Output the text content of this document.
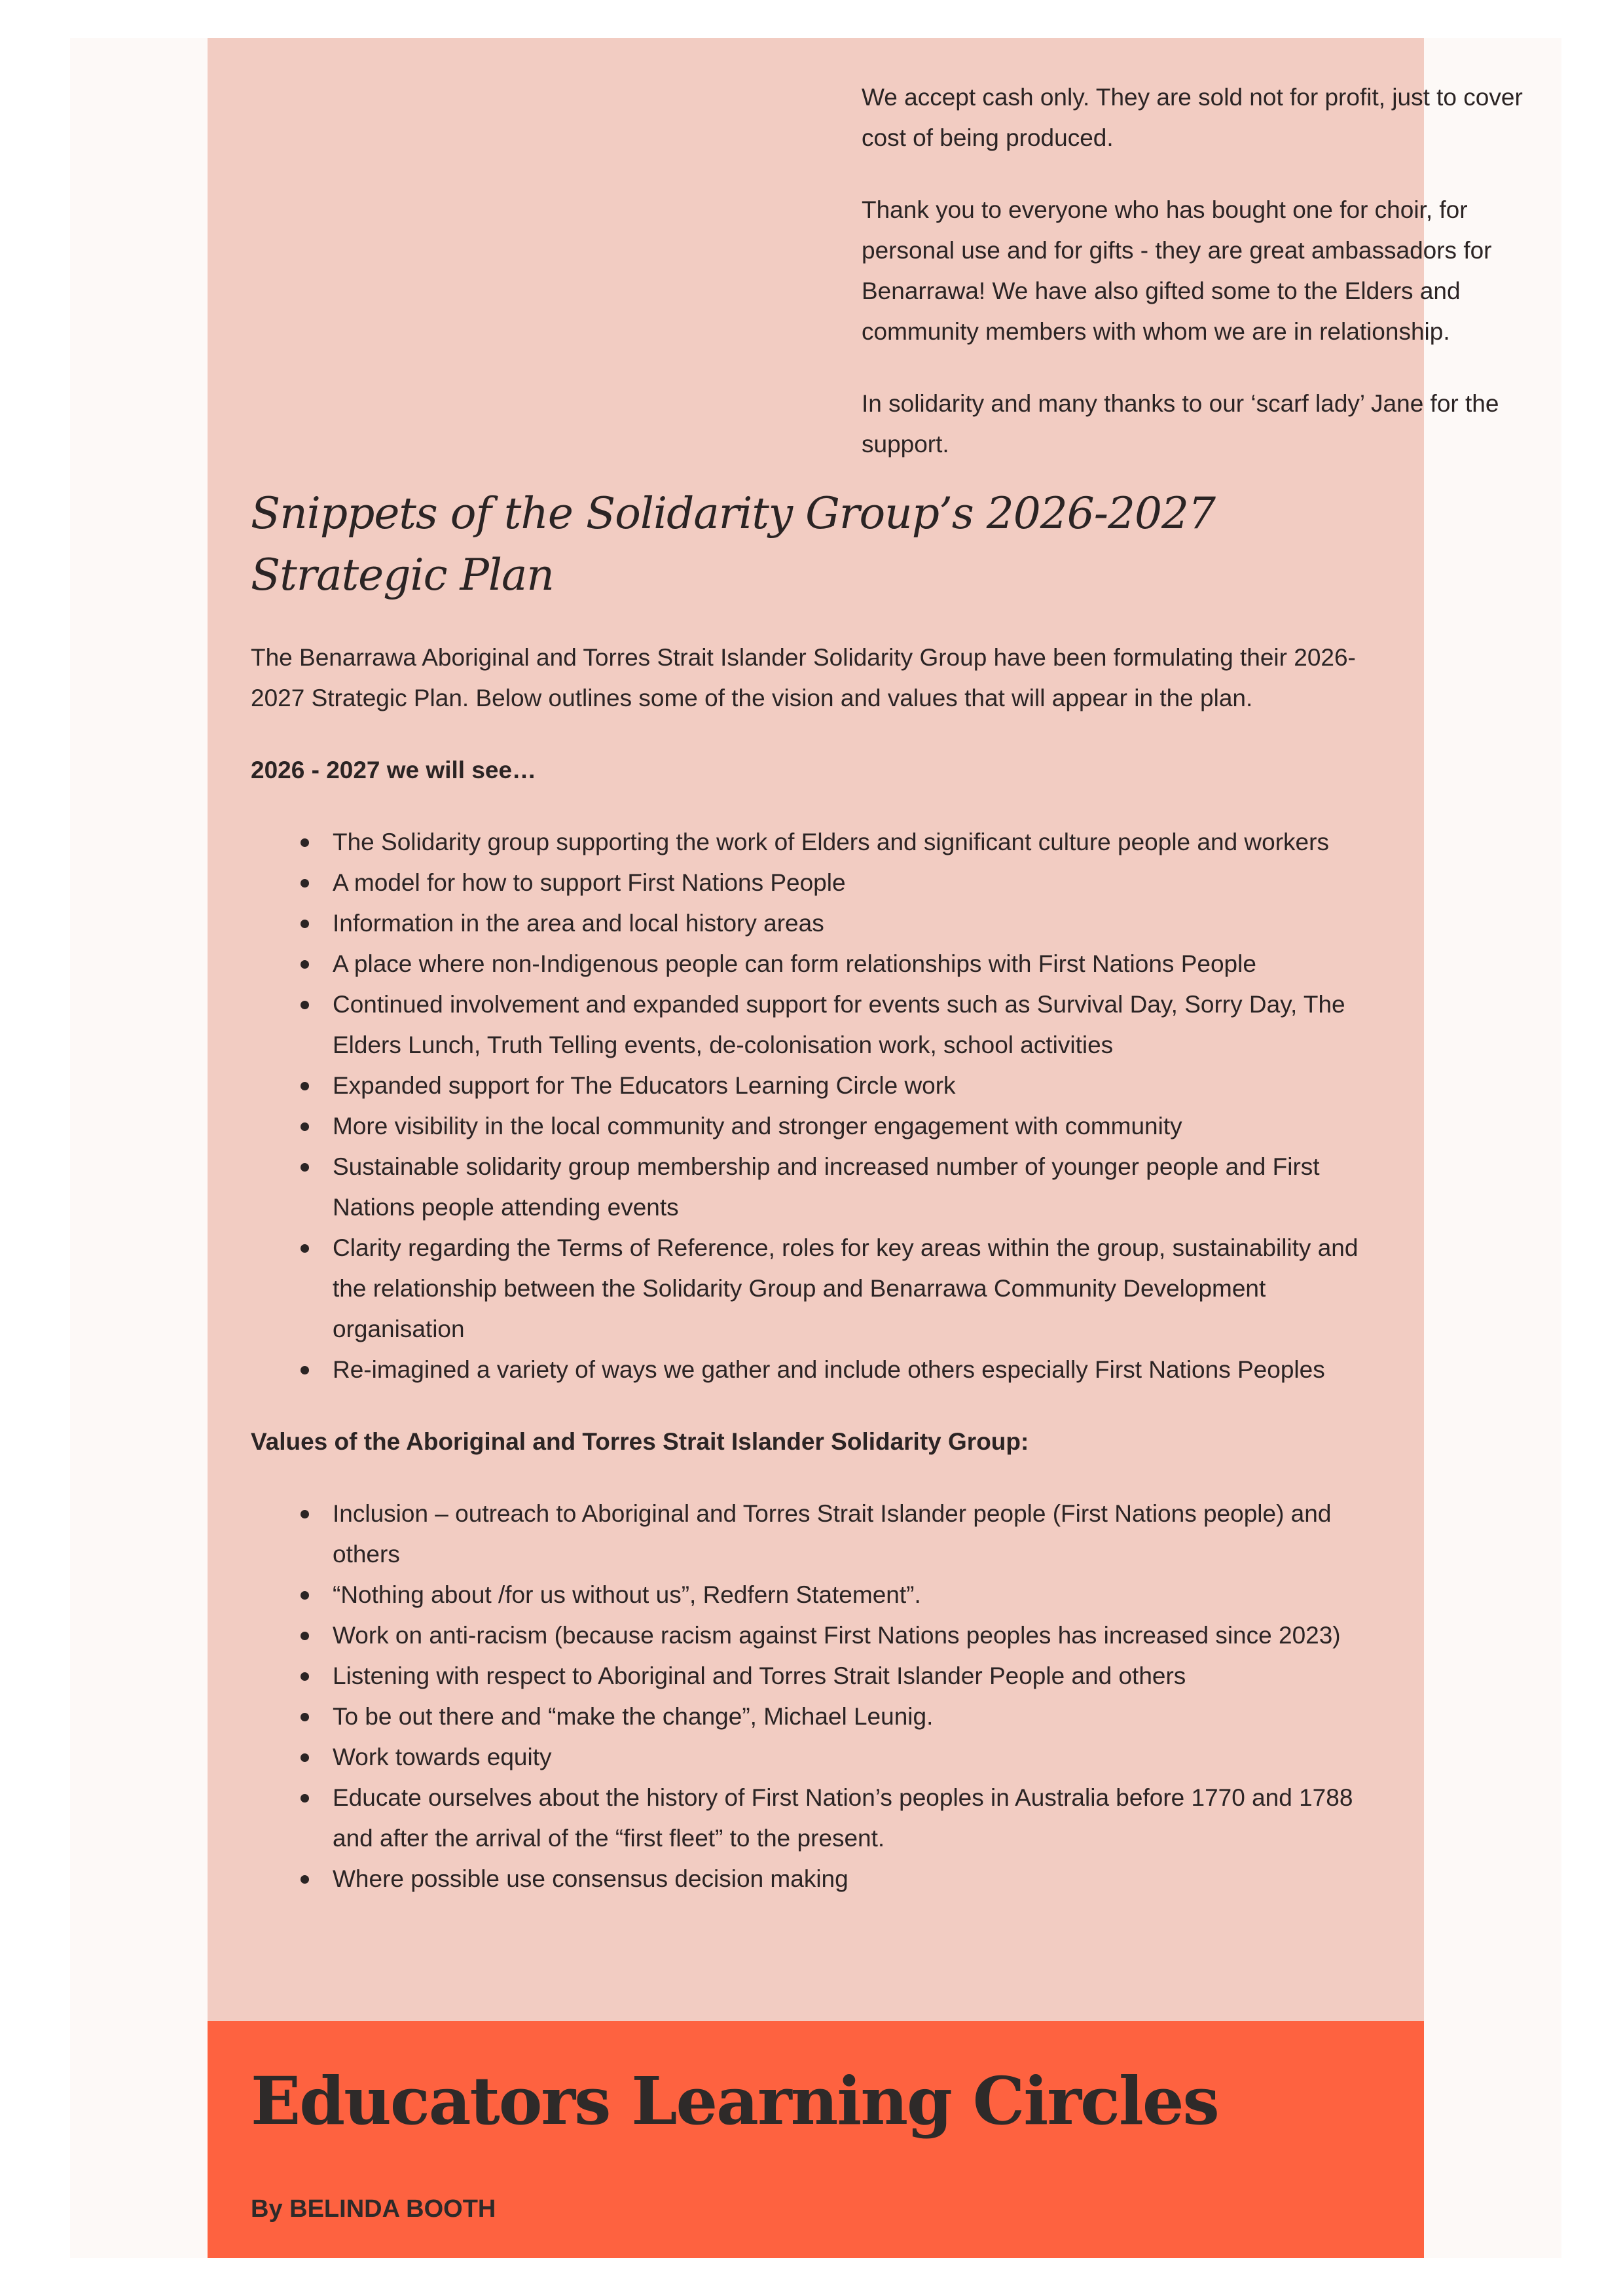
We accept cash only. They are sold not for profit, just to cover cost of being produced.

Thank you to everyone who has bought one for choir, for personal use and for gifts - they are great ambassadors for Benarrawa! We have also gifted some to the Elders and community members with whom we are in relationship.

In solidarity and many thanks to our ‘scarf lady’ Jane for the support.

Snippets of the Solidarity Group’s 2026-2027 Strategic Plan

The Benarrawa Aboriginal and Torres Strait Islander Solidarity Group have been formulating their 2026-2027 Strategic Plan. Below outlines some of the vision and values that will appear in the plan.

2026 - 2027 we will see…

The Solidarity group supporting the work of Elders and significant culture people and workers
A model for how to support First Nations People
Information in the area and local history areas
A place where non-Indigenous people can form relationships with First Nations People
Continued involvement and expanded support for events such as Survival Day, Sorry Day, The Elders Lunch, Truth Telling events, de-colonisation work, school activities
Expanded support for The Educators Learning Circle work
More visibility in the local community and stronger engagement with community
Sustainable solidarity group membership and increased number of younger people and First Nations people attending events
Clarity regarding the Terms of Reference, roles for key areas within the group, sustainability and the relationship between the Solidarity Group and Benarrawa Community Development organisation
Re-imagined a variety of ways we gather and include others especially First Nations Peoples

Values of the Aboriginal and Torres Strait Islander Solidarity Group:

Inclusion – outreach to Aboriginal and Torres Strait Islander people (First Nations people) and others
“Nothing about /for us without us”, Redfern Statement”.
Work on anti-racism (because racism against First Nations peoples has increased since 2023)
Listening with respect to Aboriginal and Torres Strait Islander People and others
To be out there and “make the change”, Michael Leunig.
Work towards equity
Educate ourselves about the history of First Nation’s peoples in Australia before 1770 and 1788 and after the arrival of the “first fleet” to the present.
Where possible use consensus decision making
Educators Learning Circles

By BELINDA BOOTH
